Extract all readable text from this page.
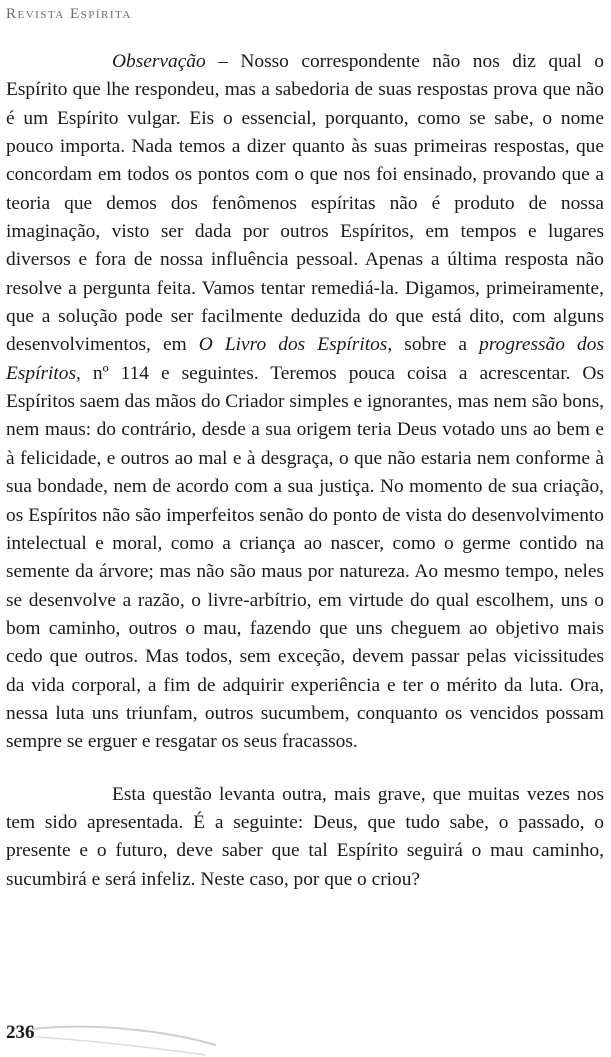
Revista Espírita

Observação – Nosso correspondente não nos diz qual o Espírito que lhe respondeu, mas a sabedoria de suas respostas prova que não é um Espírito vulgar. Eis o essencial, porquanto, como se sabe, o nome pouco importa. Nada temos a dizer quanto às suas primeiras respostas, que concordam em todos os pontos com o que nos foi ensinado, provando que a teoria que demos dos fenômenos espíritas não é produto de nossa imaginação, visto ser dada por outros Espíritos, em tempos e lugares diversos e fora de nossa influência pessoal. Apenas a última resposta não resolve a pergunta feita. Vamos tentar remediá-la. Digamos, primeiramente, que a solução pode ser facilmente deduzida do que está dito, com alguns desenvolvimentos, em O Livro dos Espíritos, sobre a progressão dos Espíritos, nº 114 e seguintes. Teremos pouca coisa a acrescentar. Os Espíritos saem das mãos do Criador simples e ignorantes, mas nem são bons, nem maus: do contrário, desde a sua origem teria Deus votado uns ao bem e à felicidade, e outros ao mal e à desgraça, o que não estaria nem conforme à sua bondade, nem de acordo com a sua justiça. No momento de sua criação, os Espíritos não são imperfeitos senão do ponto de vista do desenvolvimento intelectual e moral, como a criança ao nascer, como o germe contido na semente da árvore; mas não são maus por natureza. Ao mesmo tempo, neles se desenvolve a razão, o livre-arbítrio, em virtude do qual escolhem, uns o bom caminho, outros o mau, fazendo que uns cheguem ao objetivo mais cedo que outros. Mas todos, sem exceção, devem passar pelas vicissitudes da vida corporal, a fim de adquirir experiência e ter o mérito da luta. Ora, nessa luta uns triunfam, outros sucumbem, conquanto os vencidos possam sempre se erguer e resgatar os seus fracassos.

Esta questão levanta outra, mais grave, que muitas vezes nos tem sido apresentada. É a seguinte: Deus, que tudo sabe, o passado, o presente e o futuro, deve saber que tal Espírito seguirá o mau caminho, sucumbirá e será infeliz. Neste caso, por que o criou?

236
